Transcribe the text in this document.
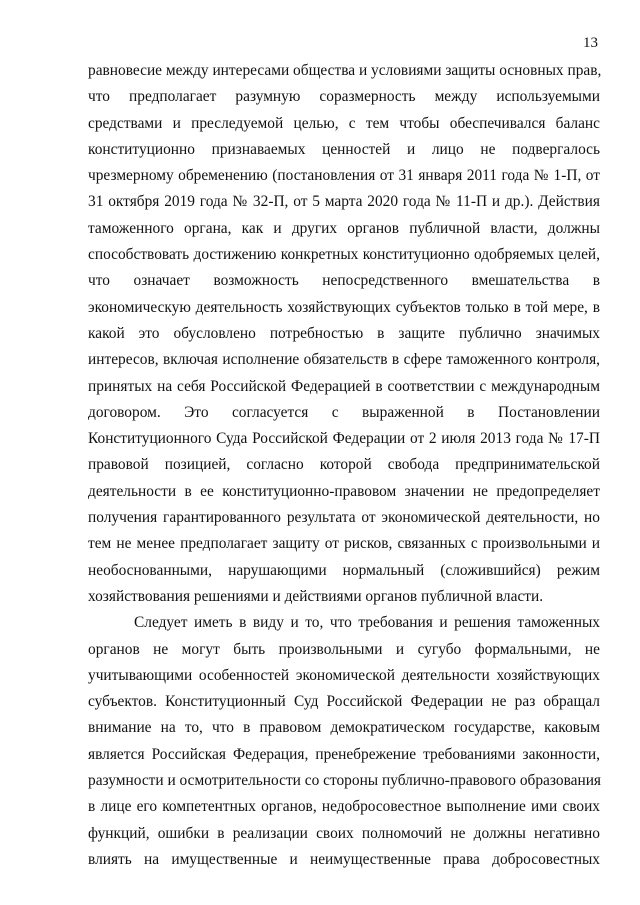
13
равновесие между интересами общества и условиями защиты основных прав,
что предполагает разумную соразмерность между используемыми
средствами и преследуемой целью, с тем чтобы обеспечивался баланс
конституционно признаваемых ценностей и лицо не подвергалось
чрезмерному обременению (постановления от 31 января 2011 года № 1-П, от
31 октября 2019 года № 32-П, от 5 марта 2020 года № 11-П и др.). Действия
таможенного органа, как и других органов публичной власти, должны
способствовать достижению конкретных конституционно одобряемых целей,
что означает возможность непосредственного вмешательства в
экономическую деятельность хозяйствующих субъектов только в той мере, в
какой это обусловлено потребностью в защите публично значимых
интересов, включая исполнение обязательств в сфере таможенного контроля,
принятых на себя Российской Федерацией в соответствии с международным
договором. Это согласуется с выраженной в Постановлении
Конституционного Суда Российской Федерации от 2 июля 2013 года № 17-П
правовой позицией, согласно которой свобода предпринимательской
деятельности в ее конституционно-правовом значении не предопределяет
получения гарантированного результата от экономической деятельности, но
тем не менее предполагает защиту от рисков, связанных с произвольными и
необоснованными, нарушающими нормальный (сложившийся) режим
хозяйствования решениями и действиями органов публичной власти.
Следует иметь в виду и то, что требования и решения таможенных
органов не могут быть произвольными и сугубо формальными, не
учитывающими особенностей экономической деятельности хозяйствующих
субъектов. Конституционный Суд Российской Федерации не раз обращал
внимание на то, что в правовом демократическом государстве, каковым
является Российская Федерация, пренебрежение требованиями законности,
разумности и осмотрительности со стороны публично-правового образования
в лице его компетентных органов, недобросовестное выполнение ими своих
функций, ошибки в реализации своих полномочий не должны негативно
влиять на имущественные и неимущественные права добросовестных
